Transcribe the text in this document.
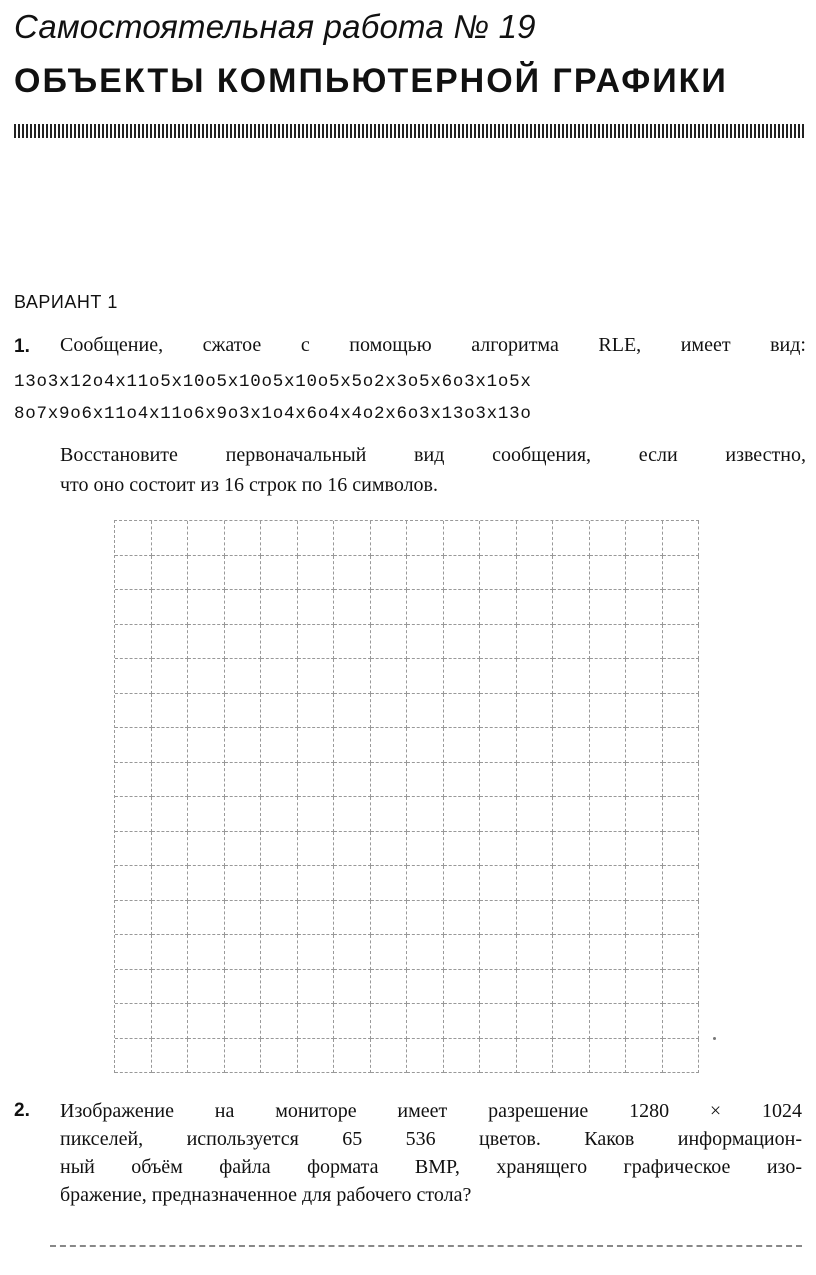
Самостоятельная работа № 19
ОБЪЕКТЫ КОМПЬЮТЕРНОЙ ГРАФИКИ
ВАРИАНТ 1
1. Сообщение, сжатое с помощью алгоритма RLE, имеет вид:
13о3х12о4х11о5х10о5х10о5х10о5х5о2х3о5х6о3х1о5х
8о7х9о6х11о4х11о6х9о3х1о4х6о4х4о2х6о3х13о3х13о
Восстановите первоначальный вид сообщения, если известно,
что оно состоит из 16 строк по 16 символов.
2. Изображение на мониторе имеет разрешение 1280 × 1024
пикселей, используется 65 536 цветов. Каков информацион-
ный объём файла формата BMP, хранящего графическое изо-
бражение, предназначенное для рабочего стола?
